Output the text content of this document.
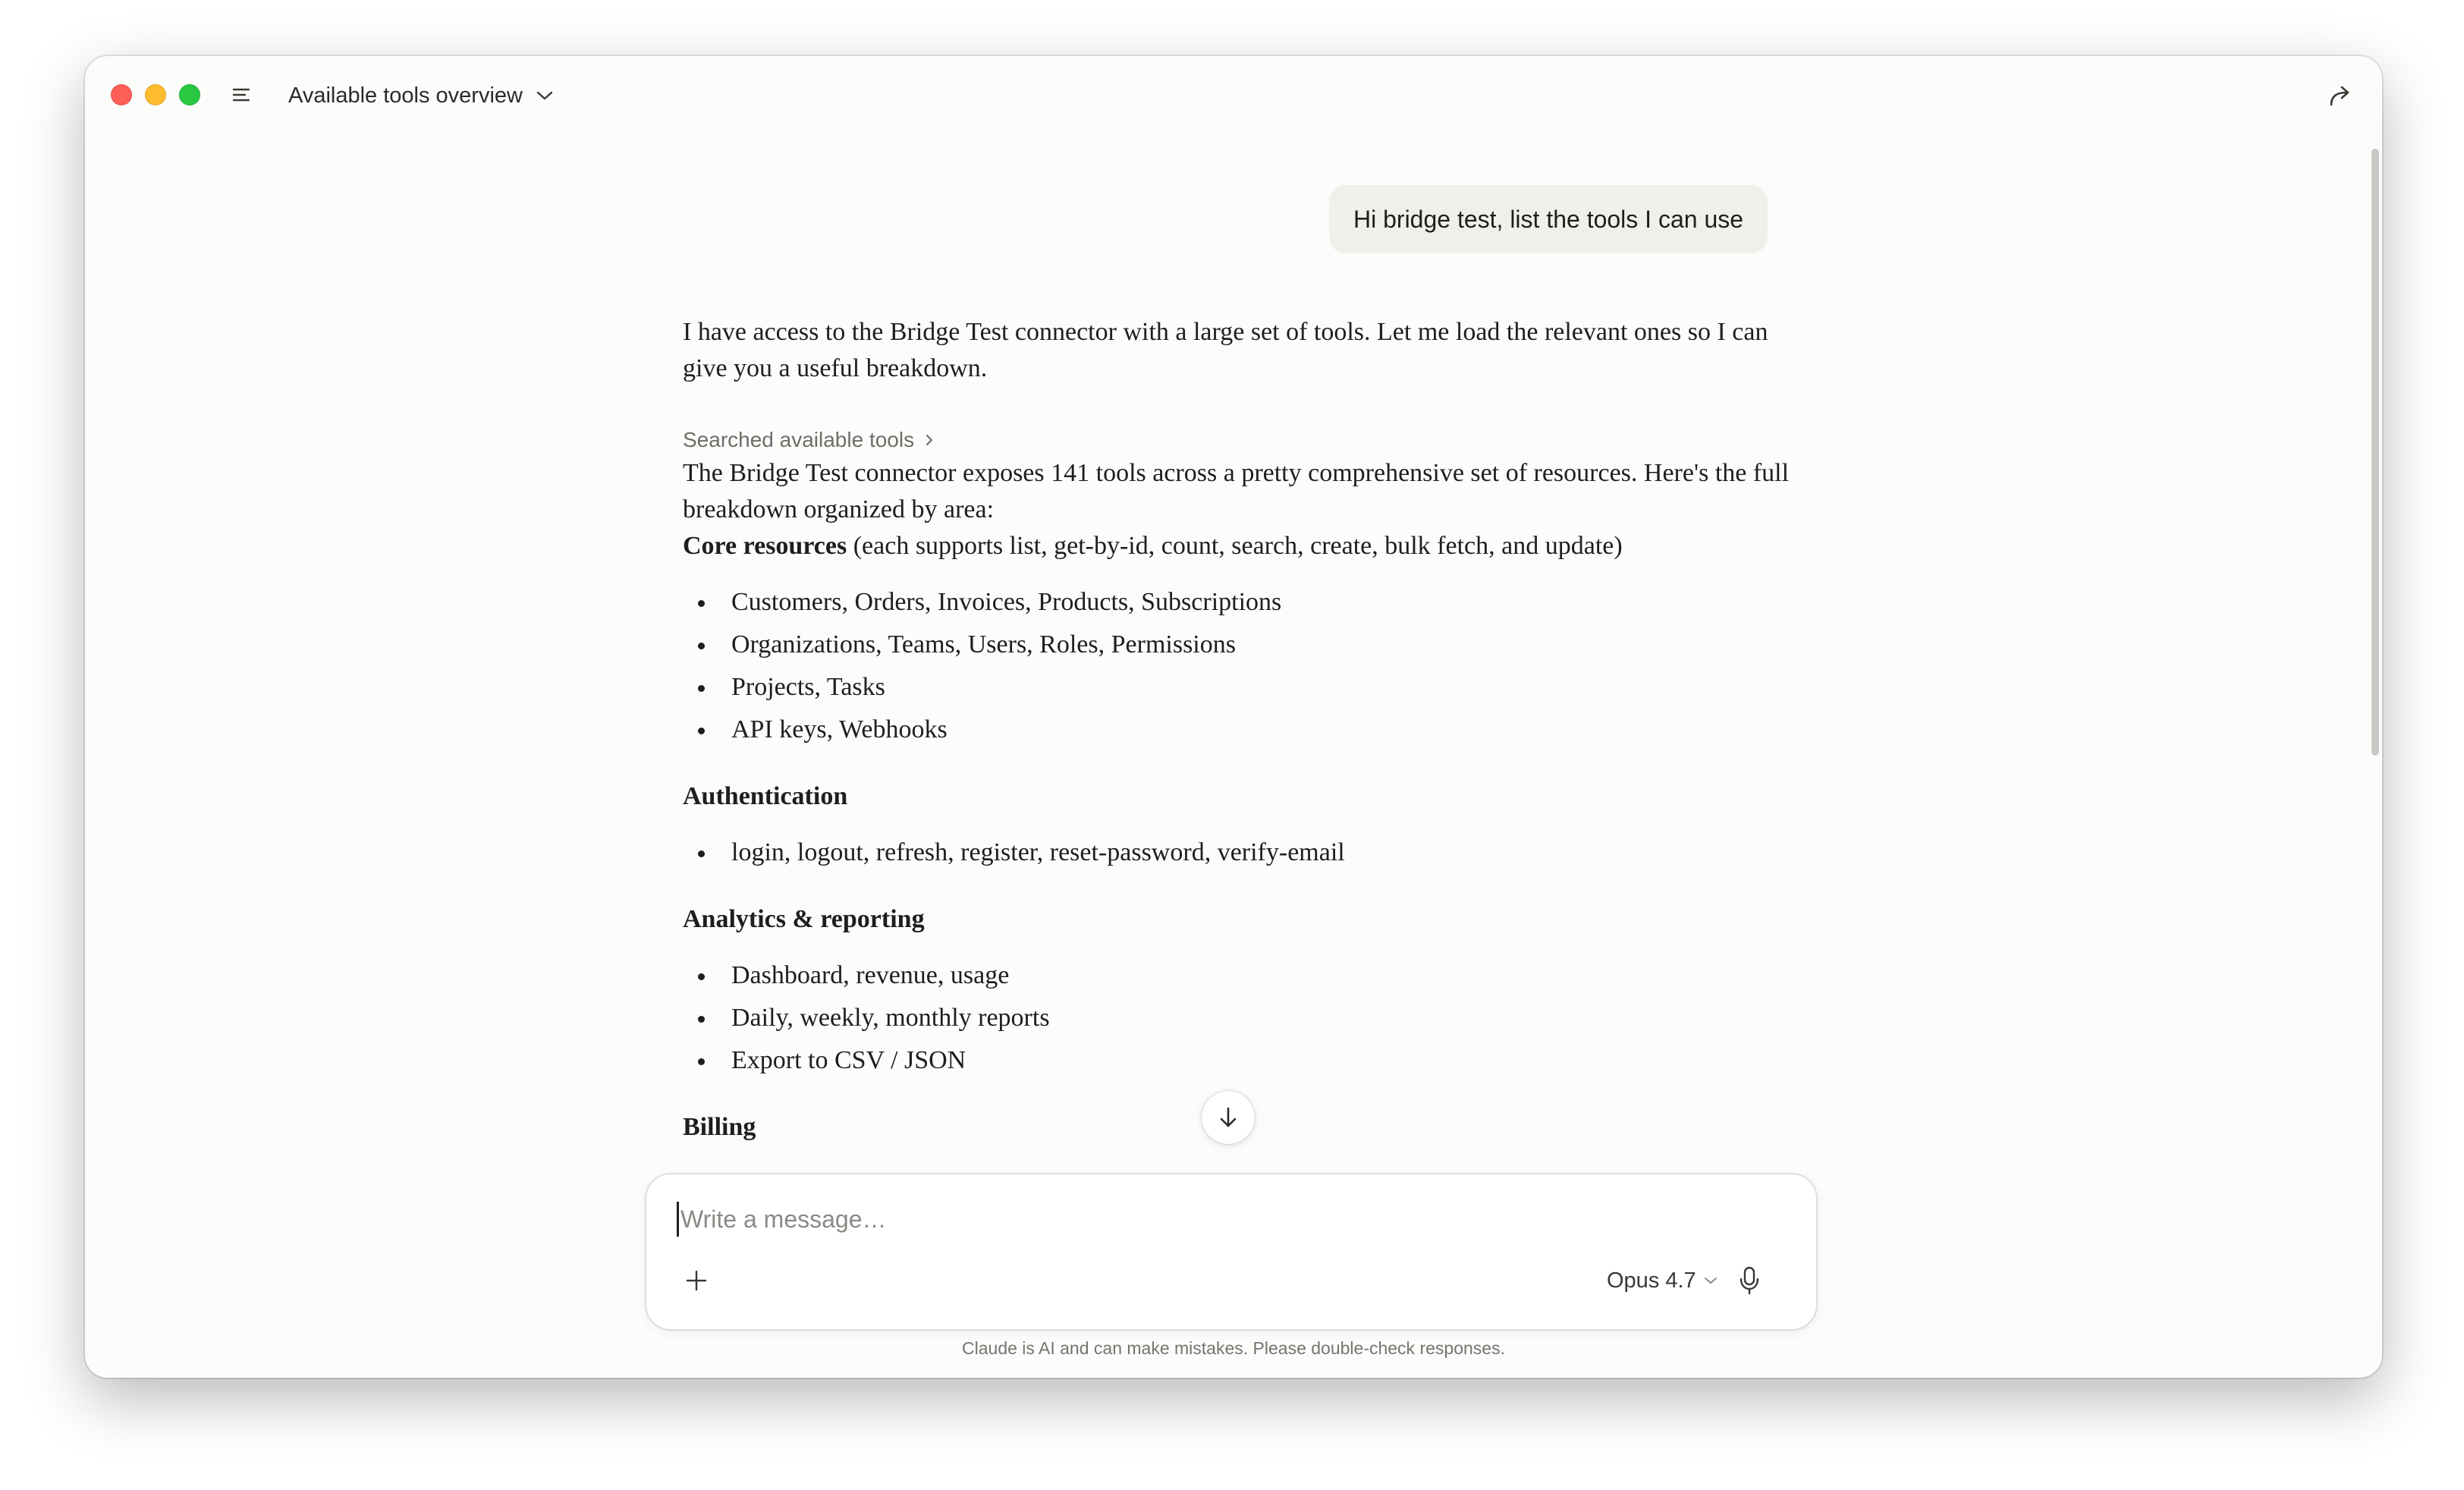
Available tools overview
Hi bridge test, list the tools I can use

I have access to the Bridge Test connector with a large set of tools. Let me load the relevant ones so I can give you a useful breakdown.

Searched available tools

The Bridge Test connector exposes 141 tools across a pretty comprehensive set of resources. Here's the full breakdown organized by area:

Core resources (each supports list, get-by-id, count, search, create, bulk fetch, and update)

Customers, Orders, Invoices, Products, Subscriptions
Organizations, Teams, Users, Roles, Permissions
Projects, Tasks
API keys, Webhooks

Authentication

login, logout, refresh, register, reset-password, verify-email

Analytics & reporting

Dashboard, revenue, usage
Daily, weekly, monthly reports
Export to CSV / JSON

Billing

Write a message…
Opus 4.7
Claude is AI and can make mistakes. Please double-check responses.
